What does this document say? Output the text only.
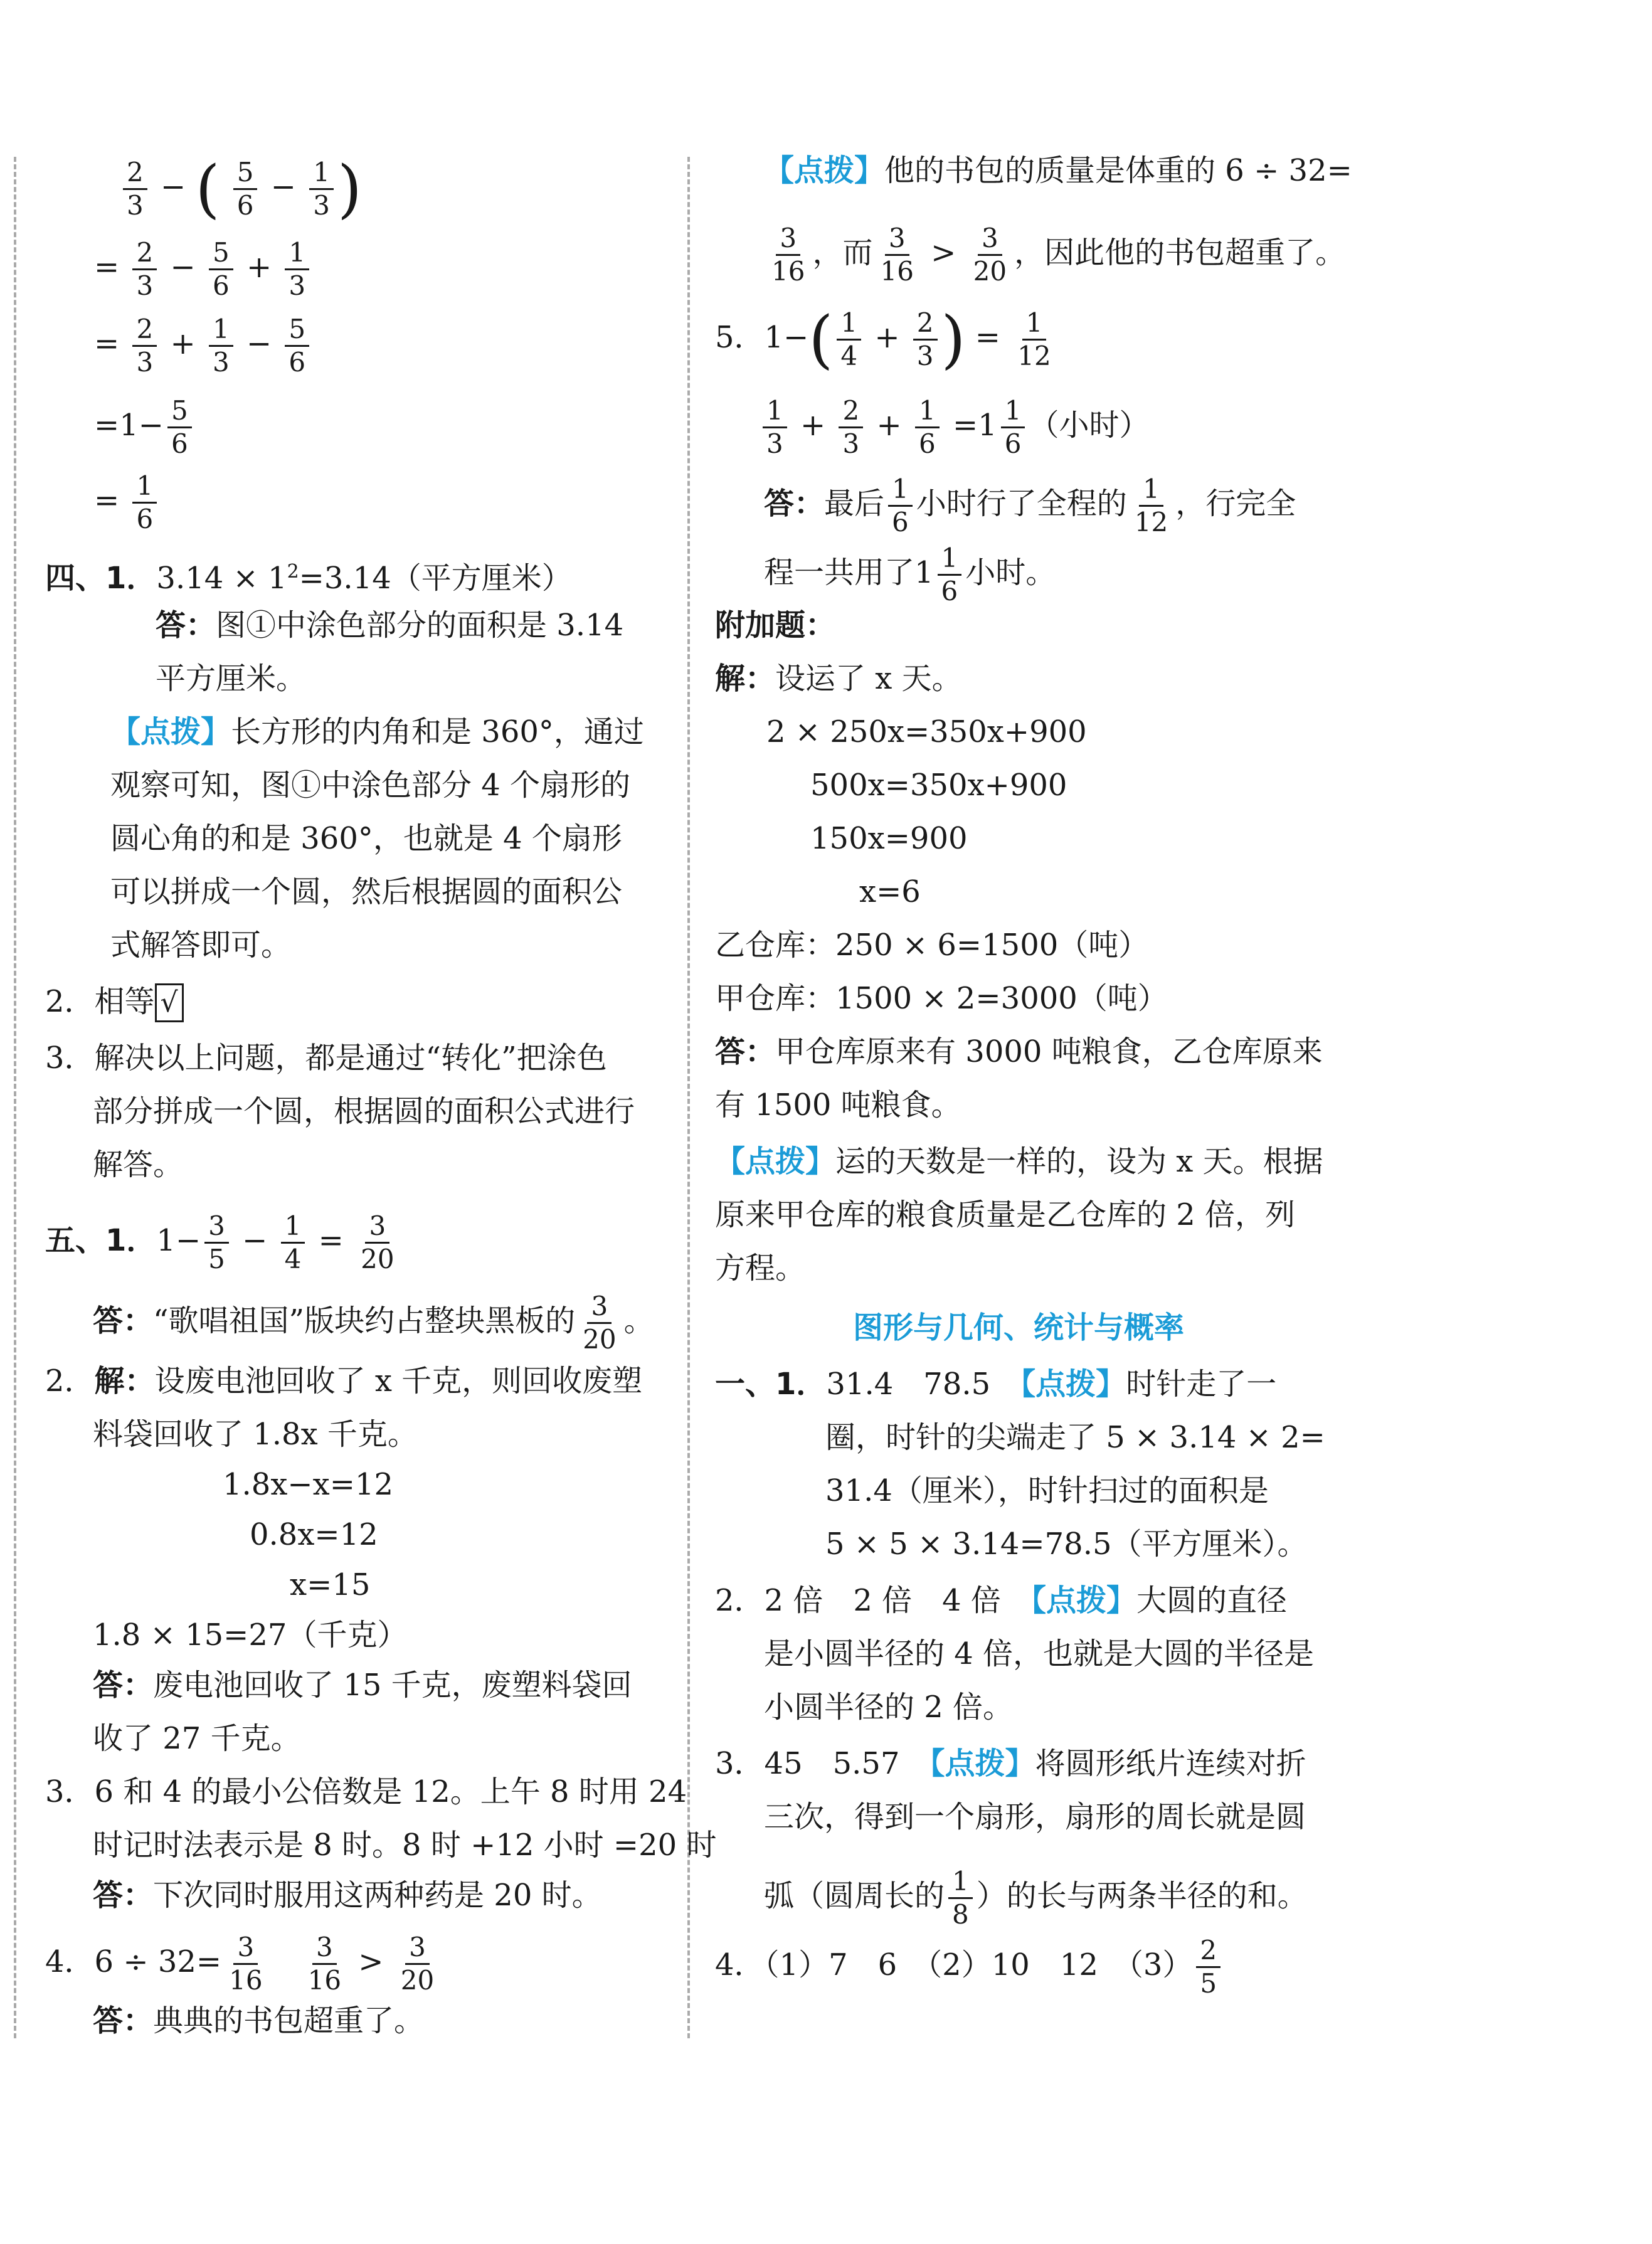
$\frac{2}{3}$ − ( $\frac{5}{6} - \frac{1}{3}$ )
= $\frac{2}{3} - \frac{5}{6} + \frac{1}{3}$
= $\frac{2}{3} + \frac{1}{3} - \frac{5}{6}$
$=1- \frac{5}{6}$
= $\frac{1}{6}$
四、1．$3.14 \times 1^2=3.14$（平方厘米）
答：图①中涂色部分的面积是 3.14
平方厘米。
【点拨】长方形的内角和是 360°，通过
观察可知，图①中涂色部分 4 个扇形的
圆心角的和是 360°，也就是 4 个扇形
可以拼成一个圆，然后根据圆的面积公
式解答即可。
2．相等 √
3．解决以上问题，都是通过“转化”把涂色
部分拼成一个圆，根据圆的面积公式进行
解答。
五、1．$1- \frac{3}{5} - \frac{1}{4} = \frac{3}{20}$
答：“歌唱祖国”版块约占整块黑板的 $\frac{3}{20}$ 。
2．解：设废电池回收了 x 千克，则回收废塑
料袋回收了 1.8x 千克。
1.8x−x=12
0.8x=12
x=15
1.8 × 15=27（千克）
答：废电池回收了 15 千克，废塑料袋回
收了 27 千克。
3．6 和 4 的最小公倍数是 12。上午 8 时用 24
时记时法表示是 8 时。8 时 +12 小时 =20 时
答：下次同时服用这两种药是 20 时。
4．$6 \div 32= \frac{3}{16}$
　 $\frac{3}{16} > \frac{3}{20}$
答：典典的书包超重了。
【点拨】他的书包的质量是体重的 6 ÷ 32=
$\frac{3}{16}$ ，而 $\frac{3}{16} > \frac{3}{20}$ ，因此他的书包超重了。
5．$1-( \frac{1}{4} + \frac{2}{3}$ ) = $\frac{1}{12}$
$\frac{1}{3} + \frac{2}{3} + \frac{1}{6} =1 \frac{1}{6}$ （小时）
答：最后 $\frac{1}{6}$ 小时行了全程的 $\frac{1}{12}$ ，行完全
程一共用了$1 \frac{1}{6}$ 小时。
附加题：
解：设运了 x 天。
2 × 250x=350x+900
500x=350x+900
150x=900
x=6
乙仓库：250 × 6=1500（吨）
甲仓库：1500 × 2=3000（吨）
答：甲仓库原来有 3000 吨粮食，乙仓库原来
有 1500 吨粮食。
【点拨】运的天数是一样的，设为 x 天。根据
原来甲仓库的粮食质量是乙仓库的 2 倍，列
方程。
图形与几何、统计与概率
一、1．31.4　78.5　【点拨】时针走了一
圈，时针的尖端走了 5 × 3.14 × 2=
31.4（厘米），时针扫过的面积是
5 × 5 × 3.14=78.5（平方厘米）。
2．2 倍　2 倍　4 倍　【点拨】大圆的直径
是小圆半径的 4 倍，也就是大圆的半径是
小圆半径的 2 倍。
3．45　5.57　【点拨】将圆形纸片连续对折
三次，得到一个扇形，扇形的周长就是圆
弧（圆周长的 $\frac{1}{8}$ ）的长与两条半径的和。
4．（1）7　6　（2）10　12　$(3) \frac{2}{5}$
